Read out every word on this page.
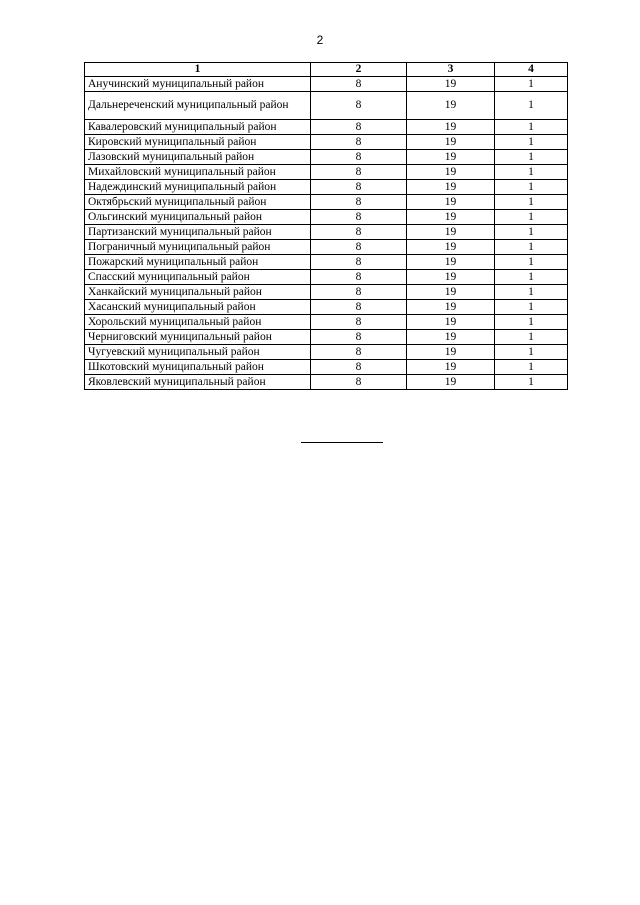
2
1	2	3	4
Анучинский муниципальный район	8	19	1
Дальнереченский муниципальный район	8	19	1
Кавалеровский муниципальный район	8	19	1
Кировский муниципальный район	8	19	1
Лазовский муниципальный район	8	19	1
Михайловский муниципальный район	8	19	1
Надеждинский муниципальный район	8	19	1
Октябрьский муниципальный район	8	19	1
Ольгинский муниципальный район	8	19	1
Партизанский муниципальный район	8	19	1
Пограничный муниципальный район	8	19	1
Пожарский муниципальный район	8	19	1
Спасский муниципальный район	8	19	1
Ханкайский муниципальный район	8	19	1
Хасанский муниципальный район	8	19	1
Хорольский муниципальный район	8	19	1
Черниговский муниципальный район	8	19	1
Чугуевский муниципальный район	8	19	1
Шкотовский муниципальный район	8	19	1
Яковлевский муниципальный район	8	19	1
